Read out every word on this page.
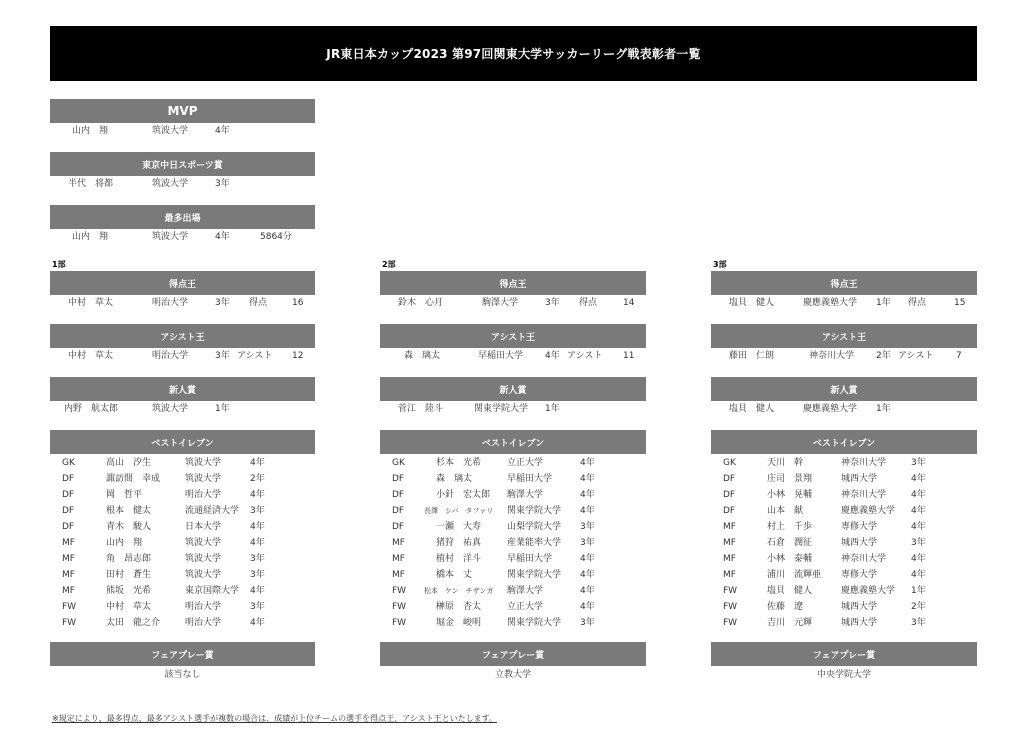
JR東日本カップ2023 第97回関東大学サッカーリーグ戦表彰者一覧
MVP
山内　翔	筑波大学	4年
東京中日スポーツ賞
半代　将都	筑波大学	3年
最多出場
山内　翔	筑波大学	4年	5864分
1部
得点王
中村　草太	明治大学	3年 得点	16
アシスト王
中村　草太	明治大学	3年 アシスト 12
新人賞
内野　航太郎	筑波大学	1年
ベストイレブン
GK	高山　汐生	筑波大学	4年
DF	諏訪間　幸成	筑波大学	2年
DF	岡　哲平	明治大学	4年
DF	根本　健太	流通経済大学 3年
DF	青木　駿人	日本大学	4年
MF	山内　翔	筑波大学	4年
MF	角　昂志郎	筑波大学	3年
MF	田村　蒼生	筑波大学	3年
MF	熊坂　光希	東京国際大学 4年
FW	中村　草太	明治大学	3年
FW	太田　龍之介	明治大学	4年
フェアプレー賞
該当なし
2部
得点王
鈴木　心月	駒澤大学	3年 得点	14
アシスト王
森　璃太	早稲田大学 4年 アシスト 11
新人賞
菅江　陸斗	関東学院大学 1年
ベストイレブン
GK	杉本　光希	立正大学	4年
DF	森　璃太	早稲田大学	4年
DF	小針　宏太郎 駒澤大学	4年
DF	長澤　シバ　タファリ 関東学院大学 4年
DF	一瀬　大寿	山梨学院大学 3年
MF	猪狩　祐真	産業能率大学 3年
MF	植村　洋斗	早稲田大学	4年
MF	橋本　丈	関東学院大学 4年
FW	松本　ケン　チザンガ 駒澤大学	4年
FW	榊原　杏太	立正大学	4年
FW	堀金　峻明	関東学院大学 3年
フェアプレー賞
立教大学
3部
得点王
塩貝　健人	慶應義塾大学 1年 得点	15
アシスト王
藤田　仁朗	神奈川大学 2年 アシスト	7
新人賞
塩貝　健人	慶應義塾大学 1年
ベストイレブン
GK	天川　幹	神奈川大学	3年
DF	庄司　景翔	城西大学	4年
DF	小林　晃輔	神奈川大学	4年
DF	山本　献	慶應義塾大学 4年
MF	村上　千歩	専修大学	4年
MF	石倉　潤征	城西大学	3年
MF	小林　泰輔	神奈川大学	4年
MF	浦川　流輝亜 専修大学	4年
FW	塩貝　健人	慶應義塾大学 1年
FW	佐藤　遼	城西大学	2年
FW	吉川　元輝	城西大学	3年
フェアプレー賞
中央学院大学
※規定により、最多得点、最多アシスト選手が複数の場合は、成績が上位チームの選手を得点王、アシスト王といたします。
